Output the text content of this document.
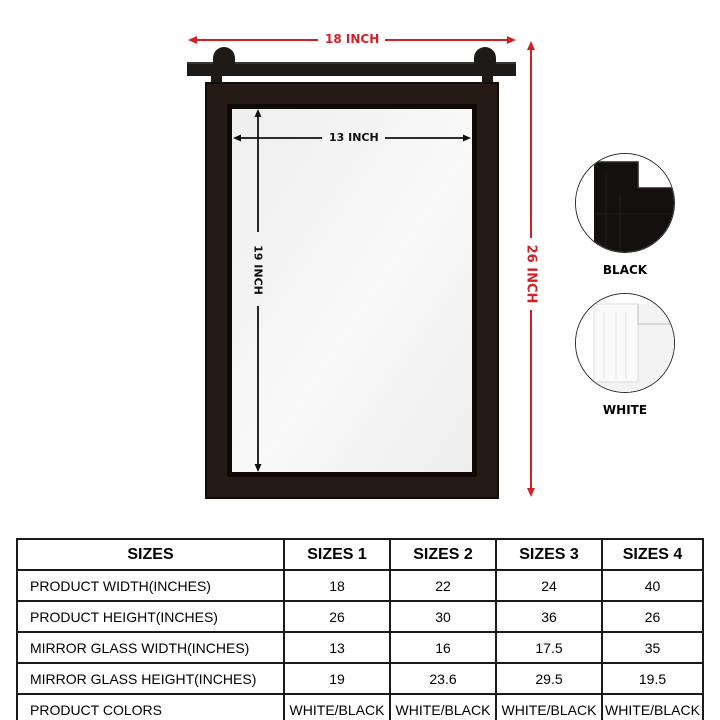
18 INCH
26 INCH
13 INCH
19 INCH	BLACK
WHITE
SIZES	SIZES 1	SIZES 2	SIZES 3	SIZES 4
PRODUCT WIDTH(INCHES)	18	22	24	40
PRODUCT HEIGHT(INCHES)	26	30	36	26
MIRROR GLASS WIDTH(INCHES)	13	16	17.5	35
MIRROR GLASS HEIGHT(INCHES)	19	23.6	29.5	19.5
PRODUCT COLORS	WHITE/BLACK	WHITE/BLACK	WHITE/BLACK	WHITE/BLACK
